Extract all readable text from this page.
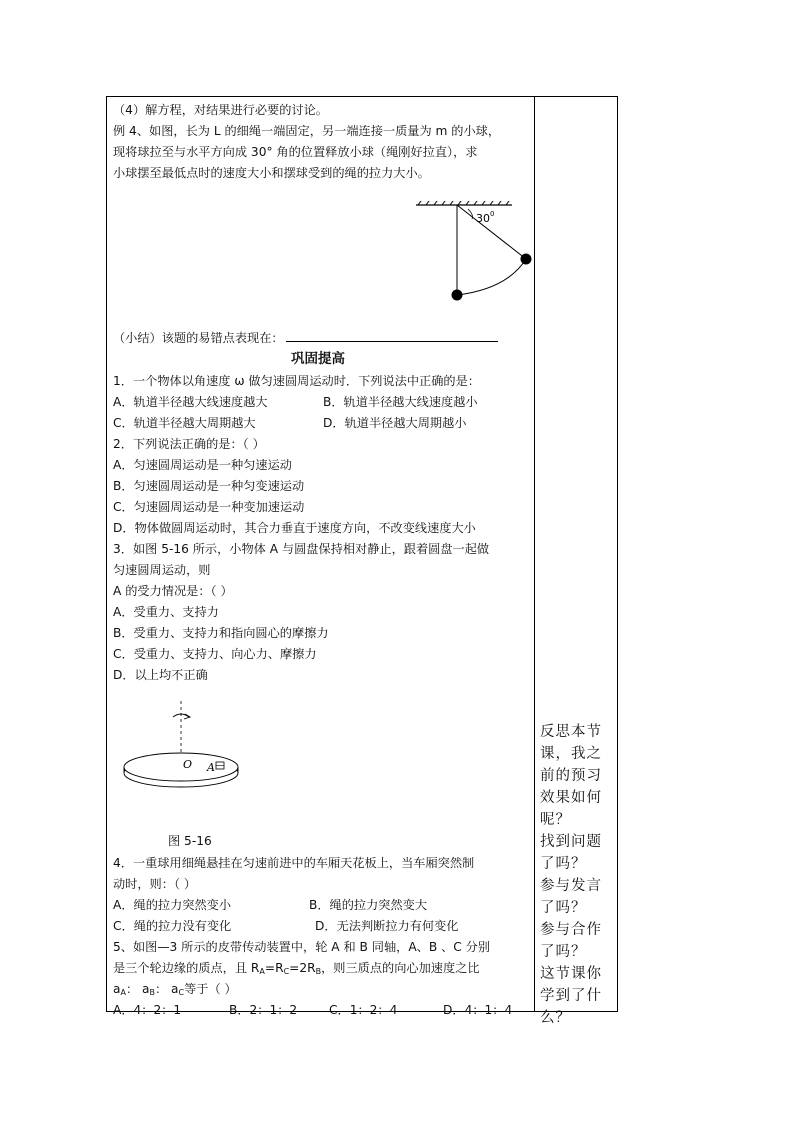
（4）解方程，对结果进行必要的讨论。
例 4、如图，长为 L 的细绳一端固定，另一端连接一质量为 m 的小球，
现将球拉至与水平方向成 30° 角的位置释放小球（绳刚好拉直），求
小球摆至最低点时的速度大小和摆球受到的绳的拉力大小。
（小结）该题的易错点表现在：
巩固提高
1．一个物体以角速度 ω 做匀速圆周运动时．下列说法中正确的是：
A．轨道半径越大线速度越大	B．轨道半径越大线速度越小
C．轨道半径越大周期越大	D．轨道半径越大周期越小
2．下列说法正确的是：（ ）
A．匀速圆周运动是一种匀速运动
B．匀速圆周运动是一种匀变速运动
C．匀速圆周运动是一种变加速运动
D．物体做圆周运动时，其合力垂直于速度方向，不改变线速度大小
3．如图 5-16 所示，小物体 A 与圆盘保持相对静止，跟着圆盘一起做
匀速圆周运动，则
A 的受力情况是：（ ）
A．受重力、支持力
B．受重力、支持力和指向圆心的摩擦力
C．受重力、支持力、向心力、摩擦力
D．以上均不正确
图 5-16
4．一重球用细绳悬挂在匀速前进中的车厢天花板上，当车厢突然制
动时，则：（ ）
A．绳的拉力突然变小	B．绳的拉力突然变大
C．绳的拉力没有变化	D．无法判断拉力有何变化
5、如图—3 所示的皮带传动装置中，轮 A 和 B 同轴，A、B 、C 分别
是三个轮边缘的质点，且 $R_A=R_C=2R_B$，则三质点的向心加速度之比
$a_A$： $a_B$： $a_C$等于（ ）
A．4：2：1	B．2：1：2	C．1：2：4	D．4：1：4
30 0
O A
反思本节
课，我之
前的预习
效果如何
呢？
找到问题
了吗？
参与发言
了吗？
参与合作
了吗？
这节课你
学到了什
么？
